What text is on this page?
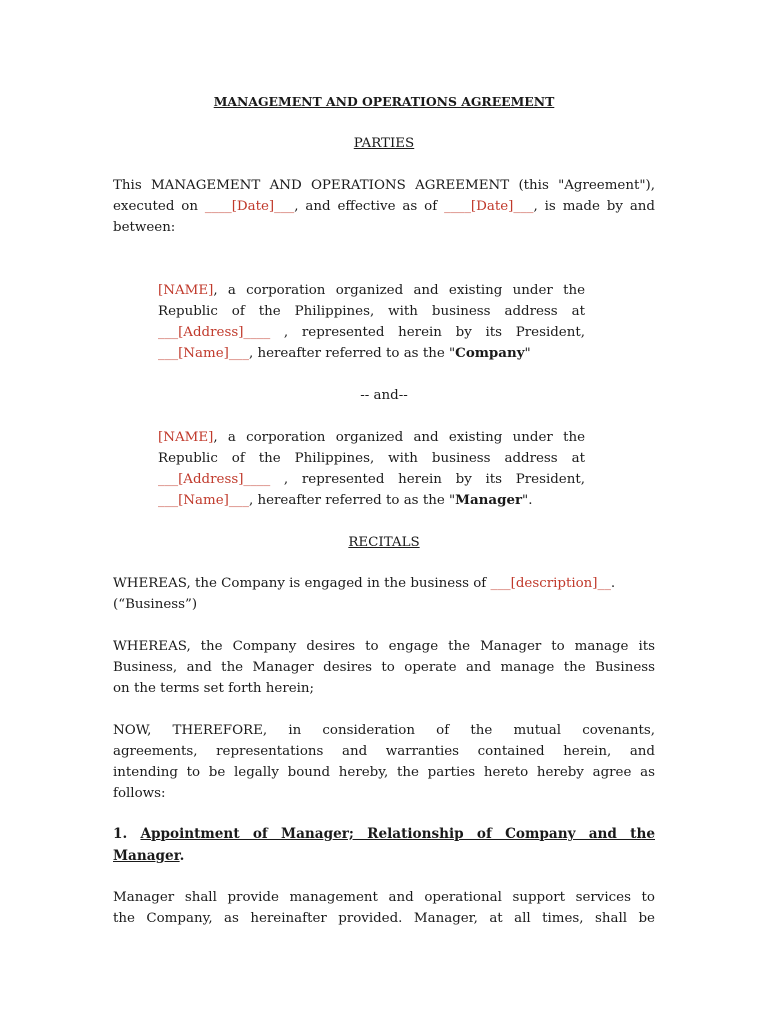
MANAGEMENT AND OPERATIONS AGREEMENT
PARTIES

This MANAGEMENT AND OPERATIONS AGREEMENT (this "Agreement"),

executed on ____[Date]___, and effective as of ____[Date]___, is made by and

between:

[NAME], a corporation organized and existing under the

Republic of the Philippines, with business address at

___[Address]____ , represented herein by its President,

___[Name]___, hereafter referred to as the "Company"

-- and--

[NAME], a corporation organized and existing under the

Republic of the Philippines, with business address at

___[Address]____ , represented herein by its President,

___[Name]___, hereafter referred to as the "Manager".

RECITALS

WHEREAS, the Company is engaged in the business of ___[description]__.

(“Business”)

WHEREAS, the Company desires to engage the Manager to manage its

Business, and the Manager desires to operate and manage the Business

on the terms set forth herein;

NOW, THEREFORE, in consideration of the mutual covenants,

agreements, representations and warranties contained herein, and

intending to be legally bound hereby, the parties hereto hereby agree as

follows:

1. Appointment of Manager; Relationship of Company and the

Manager.

Manager shall provide management and operational support services to

the Company, as hereinafter provided. Manager, at all times, shall be
